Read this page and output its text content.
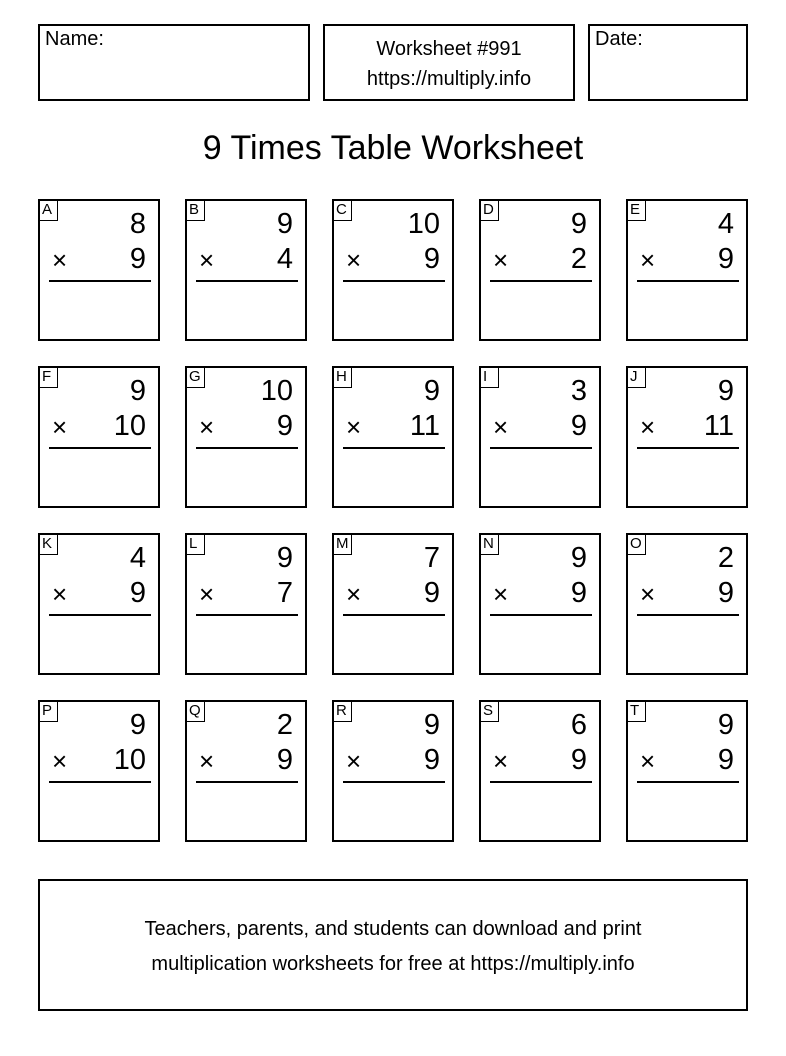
Name:	Worksheet #991
https://multiply.info
Date:
9 Times Table Worksheet
A	8
× 9
B	9
× 4
C 10
× 9
D	9
× 2
E	4
× 9
F	9
× 10
G 10
× 9
H	9
× 11
I	3
× 9
J	9
× 11
K	4
× 9
L	9
× 7
M	7
× 9
N	9
× 9
O	2
× 9
P	9
× 10
Q	2
× 9
R	9
× 9
S	6
× 9
T	9
× 9
Teachers, parents, and students can download and print
multiplication worksheets for free at https://multiply.info
